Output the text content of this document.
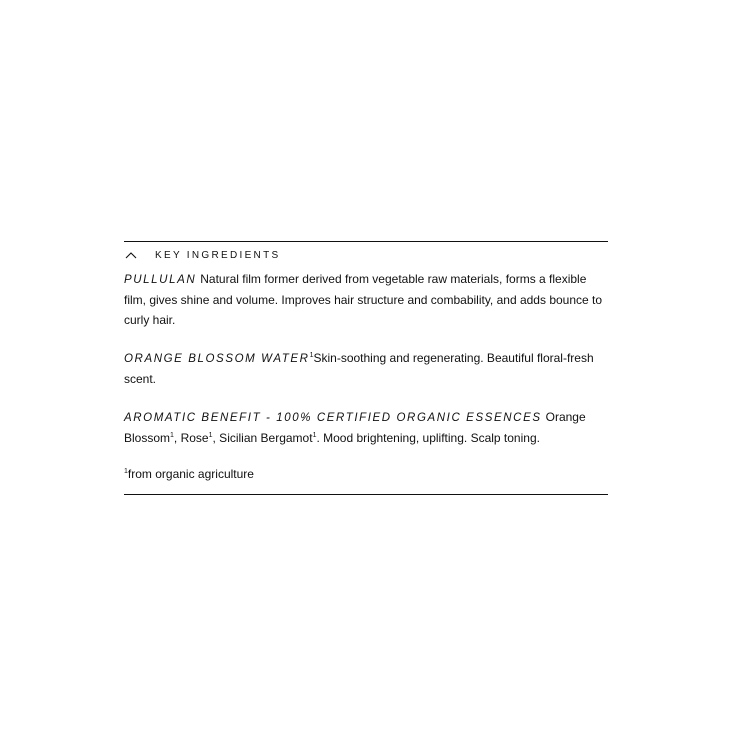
KEY INGREDIENTS

PULLULAN Natural film former derived from vegetable raw materials, forms a flexible film, gives shine and volume. Improves hair structure and combability, and adds bounce to curly hair.

ORANGE BLOSSOM WATER$^1$Skin-soothing and regenerating. Beautiful floral-fresh scent.

AROMATIC BENEFIT - 100% CERTIFIED ORGANIC ESSENCES Orange Blossom$^1$, Rose$^1$, Sicilian Bergamot$^1$. Mood brightening, uplifting. Scalp toning.

$^1$from organic agriculture
